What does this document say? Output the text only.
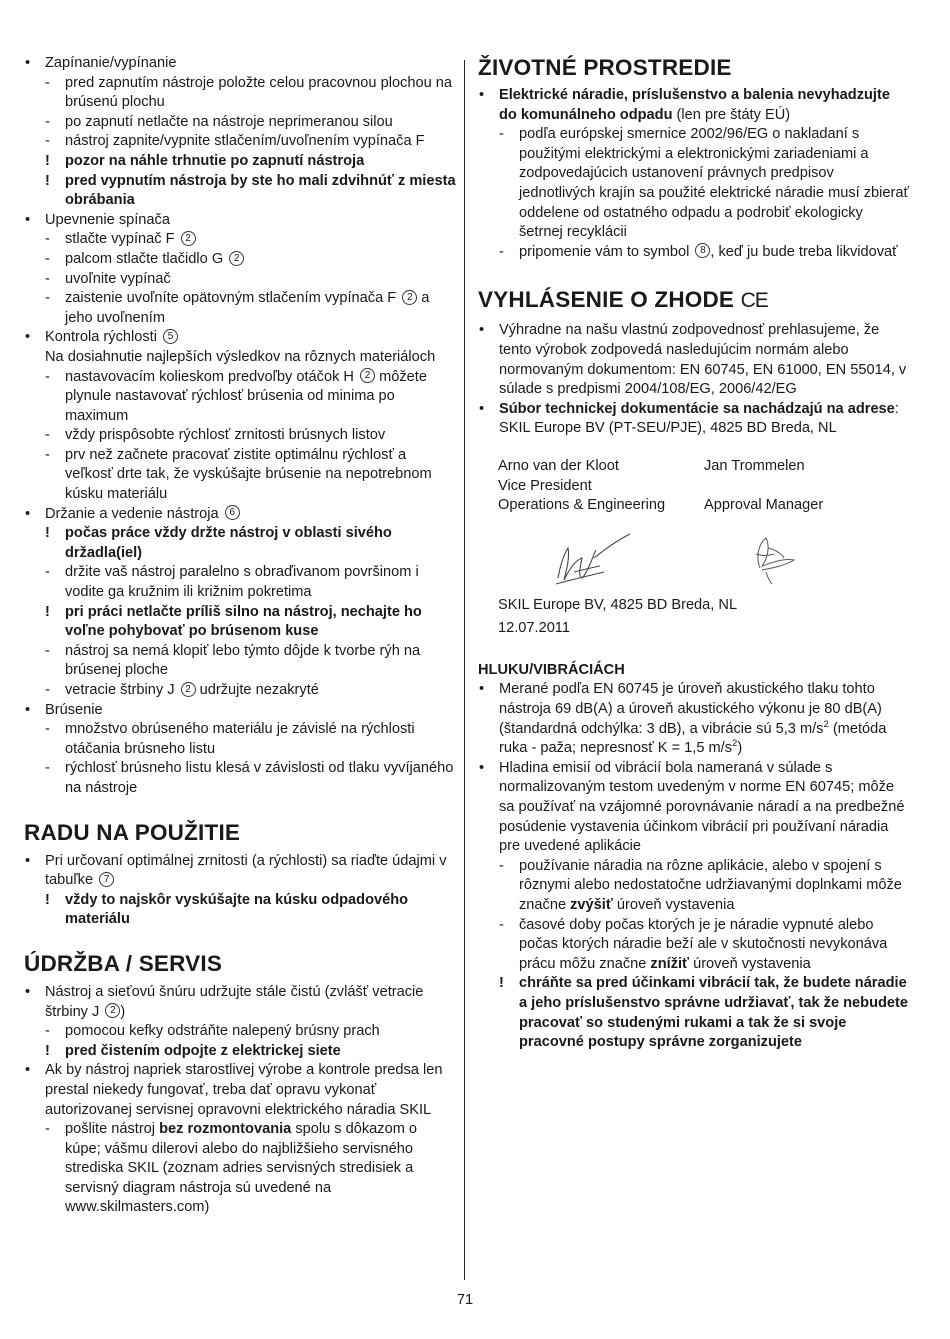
• Zapínanie/vypínanie
- pred zapnutím nástroje položte celou pracovnou plochou na brúsenú plochu
- po zapnutí netlačte na nástroje neprimeranou silou
- nástroj zapnite/vypnite stlačením/uvoľnením vypínača F
! pozor na náhle trhnutie po zapnutí nástroja
! pred vypnutím nástroja by ste ho mali zdvihnúť z miesta obrábania
• Upevnenie spínača
- stlačte vypínač F 2
- palcom stlačte tlačidlo G 2
- uvoľnite vypínač
- zaistenie uvoľníte opätovným stlačením vypínača F 2 a jeho uvoľnením
• Kontrola rýchlosti 5
Na dosiahnutie najlepších výsledkov na rôznych materiáloch
- nastavovacím kolieskom predvoľby otáčok H 2 môžete plynule nastavovať rýchlosť brúsenia od minima po maximum
- vždy prispôsobte rýchlosť zrnitosti brúsnych listov
- prv než začnete pracovať zistite optimálnu rýchlosť a veľkosť drte tak, že vyskúšajte brúsenie na nepotrebnom kúsku materiálu
• Držanie a vedenie nástroja 6
! počas práce vždy držte nástroj v oblasti sivého držadla(iel)
- držite vaš nástroj paralelno s obraďivanom površinom i vodite ga kružnim ili križnim pokretima
! pri práci netlačte príliš silno na nástroj, nechajte ho voľne pohybovať po brúsenom kuse
- nástroj sa nemá klopiť lebo týmto dôjde k tvorbe rýh na brúsenej ploche
- vetracie štrbiny J 2 udržujte nezakryté
• Brúsenie
- množstvo obrúseného materiálu je závislé na rýchlosti otáčania brúsneho listu
- rýchlosť brúsneho listu klesá v závislosti od tlaku vyvíjaného na nástroje
RADU NA POUŽITIE
• Pri určovaní optimálnej zrnitosti (a rýchlosti) sa riaďte údajmi v tabuľke 7
! vždy to najskôr vyskúšajte na kúsku odpadového materiálu
ÚDRŽBA / SERVIS
• Nástroj a sieťovú šnúru udržujte stále čistú (zvlášť vetracie štrbiny J 2 )
- pomocou kefky odstráňte nalepený brúsny prach
! pred čistením odpojte z elektrickej siete
• Ak by nástroj napriek starostlivej výrobe a kontrole predsa len prestal niekedy fungovať, treba dať opravu vykonať autorizovanej servisnej opravovni elektrického náradia SKIL
- pošlite nástroj bez rozmontovania spolu s dôkazom o kúpe; vášmu dilerovi alebo do najbližšieho servisného strediska SKIL (zoznam adries servisných stredisiek a servisný diagram nástroja sú uvedené na www.skilmasters.com)
ŽIVOTNÉ PROSTREDIE
• Elektrické náradie, príslušenstvo a balenia nevyhadzujte do komunálneho odpadu (len pre štáty EÚ)
- podľa európskej smernice 2002/96/EG o nakladaní s použitými elektrickými a elektronickými zariadeniami a zodpovedajúcich ustanovení právnych predpisov jednotlivých krajín sa použité elektrické náradie musí zbierať oddelene od ostatného odpadu a podrobiť ekologicky šetrnej recyklácii
- pripomenie vám to symbol 8 , keď ju bude treba likvidovať
VYHLÁSENIE O ZHODE CE
• Výhradne na našu vlastnú zodpovednosť prehlasujeme, že tento výrobok zodpovedá nasledujúcim normám alebo normovaným dokumentom: EN 60745, EN 61000, EN 55014, v súlade s predpismi 2004/108/EG, 2006/42/EG
• Súbor technickej dokumentácie sa nachádzajú na adrese: SKIL Europe BV (PT-SEU/PJE), 4825 BD Breda, NL
Arno van der Kloot
Vice President
Operations & Engineering
Jan Trommelen
Approval Manager
SKIL Europe BV, 4825 BD Breda, NL
12.07.2011
HLUKU/VIBRÁCIÁCH
• Merané podľa EN 60745 je úroveň akustického tlaku tohto nástroja 69 dB(A) a úroveň akustického výkonu je 80 dB(A) (štandardná odchýlka: 3 dB), a vibrácie sú 5,3 $m/s^2$ (metóda ruka - paža; nepresnosť K = 1,5 $m/s^2$)
• Hladina emisií od vibrácií bola nameraná v súlade s normalizovaným testom uvedeným v norme EN 60745; môže sa používať na vzájomné porovnávanie náradí a na predbežné posúdenie vystavenia účinkom vibrácií pri používaní náradia pre uvedené aplikácie
- používanie náradia na rôzne aplikácie, alebo v spojení s rôznymi alebo nedostatočne udržiavanými doplnkami môže značne zvýšiť úroveň vystavenia
- časové doby počas ktorých je je náradie vypnuté alebo počas ktorých náradie beží ale v skutočnosti nevykonáva prácu môžu značne znížiť úroveň vystavenia
! chráňte sa pred účinkami vibrácií tak, že budete náradie a jeho príslušenstvo správne udržiavať, tak že nebudete pracovať so studenými rukami a tak že si svoje pracovné postupy správne zorganizujete
71
